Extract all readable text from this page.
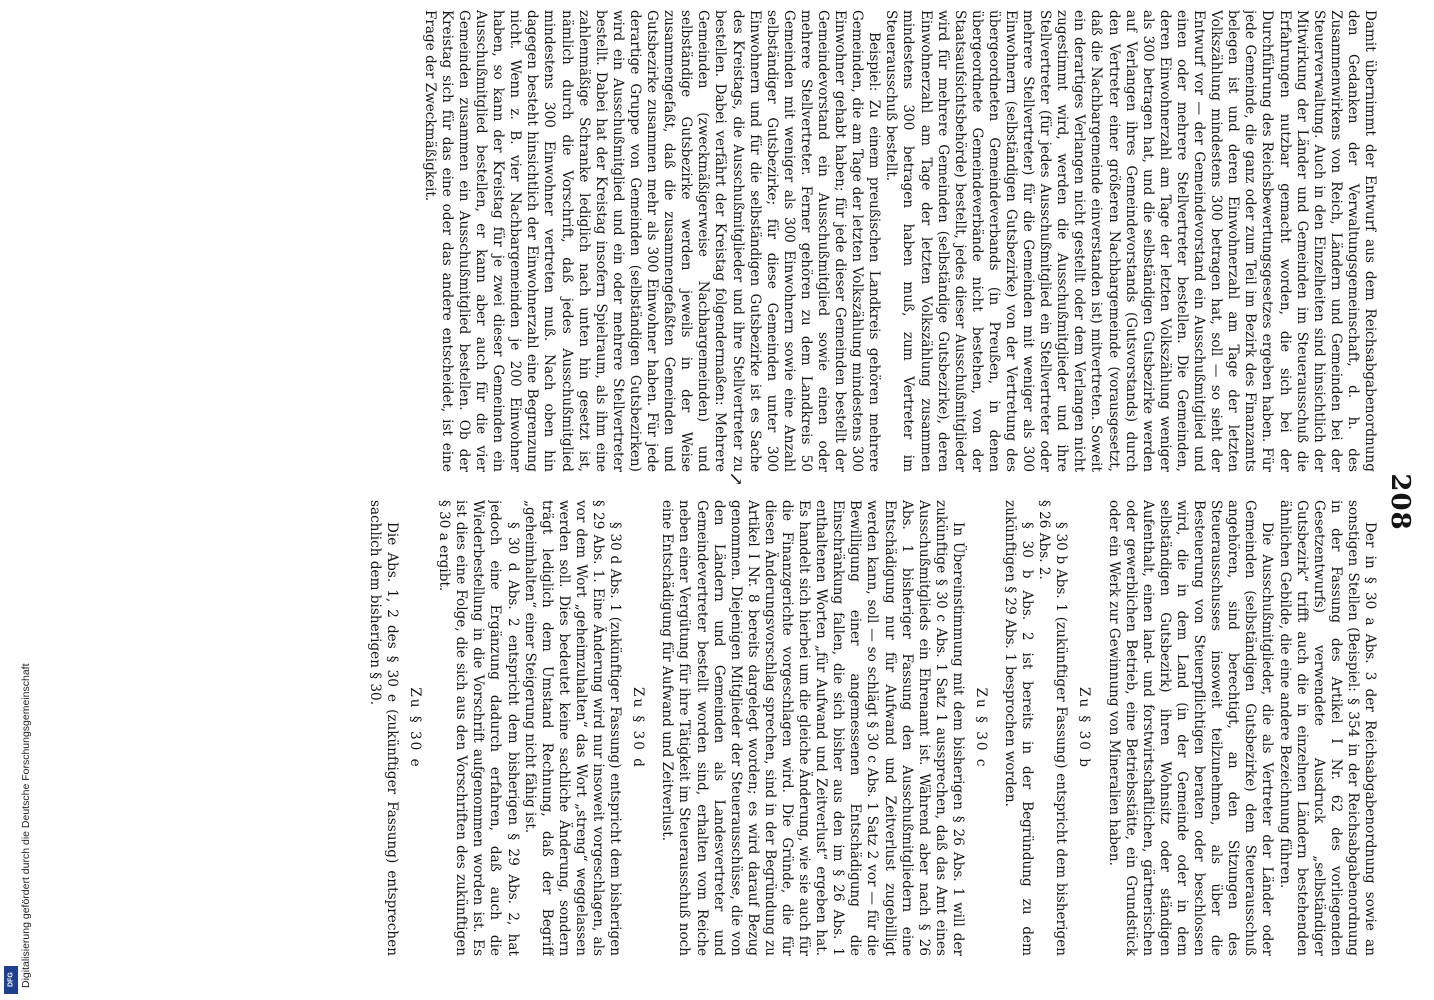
208

Damit übernimmt der Entwurf aus dem Reichsabgabenordnung den Gedanken der Verwaltungsgemeinschaft, d. h. des Zusammenwirkens von Reich, Ländern und Gemeinden bei der Steuerverwaltung. Auch in den Einzelheiten sind hinsichtlich der Mitwirkung der Länder und Gemeinden im Steuerausschuß die Erfahrungen nutzbar gemacht worden, die sich bei der Durchführung des Reichsbewertungsgesetzes ergeben haben. Für jede Gemeinde, die ganz oder zum Teil im Bezirk des Finanzamts belegen ist und deren Einwohnerzahl am Tage der letzten Volkszählung mindestens 300 betragen hat, soll — so sieht der Entwurf vor — der Gemeindevorstand ein Ausschußmitglied und einen oder mehrere Stellvertreter bestellen. Die Gemeinden, deren Einwohnerzahl am Tage der letzten Volkszählung weniger als 300 betragen hat, und die selbständigen Gutsbezirke werden auf Verlangen ihres Gemeindevorstands (Gutsvorstands) durch den Vertreter einer größeren Nachbargemeinde (vorausgesetzt, daß die Nachbargemeinde einverstanden ist) mitvertreten. Soweit ein derartiges Verlangen nicht gestellt oder dem Verlangen nicht zugestimmt wird, werden die Ausschußmitglieder und ihre Stellvertreter (für jedes Ausschußmitglied ein Stellvertreter oder mehrere Stellvertreter) für die Gemeinden mit weniger als 300 Einwohnern (selbständigen Gutsbezirke) von der Vertretung des übergeordneten Gemeindeverbands (in Preußen, in denen übergeordnete Gemeindeverbände nicht bestehen, von der Staatsaufsichtsbehörde) bestellt, jedes dieser Ausschußmitglieder wird für mehrere Gemeinden (selbständige Gutsbezirke), deren Einwohnerzahl am Tage der letzten Volkszählung zusammen mindestens 300 betragen haben muß, zum Vertreter im Steuerausschuß bestellt.

Beispiel: Zu einem preußischen Landkreis gehören mehrere Gemeinden, die am Tage der letzten Volkszählung mindestens 300 Einwohner gehabt haben; für jede dieser Gemeinden bestellt der Gemeindevorstand ein Ausschußmitglied sowie einen oder mehrere Stellvertreter. Ferner gehören zu dem Landkreis 50 Gemeinden mit weniger als 300 Einwohnern sowie eine Anzahl selbständiger Gutsbezirke; für diese Gemeinden unter 300 Einwohnern und für die selbständigen Gutsbezirke ist es Sache des Kreistags, die Ausschußmitglieder und ihre Stellvertreter zu bestellen. Dabei verfährt der Kreistag folgendermaßen: Mehrere Gemeinden (zweckmäßigerweise Nachbargemeinden) und selbständige Gutsbezirke werden jeweils in der Weise zusammengefaßt, daß die zusammengefaßten Gemeinden und Gutsbezirke zusammen mehr als 300 Einwohner haben. Für jede derartige Gruppe von Gemeinden (selbständigen Gutsbezirken) wird ein Ausschußmitglied und ein oder mehrere Stellvertreter bestellt. Dabei hat der Kreistag insofern Spielraum, als ihm eine zahlenmäßige Schranke lediglich nach unten hin gesetzt ist, nämlich durch die Vorschrift, daß jedes Ausschußmitglied mindestens 300 Einwohner vertreten muß. Nach oben hin dagegen besteht hinsichtlich der Einwohnerzahl eine Begrenzung nicht. Wenn z. B. vier Nachbargemeinden je 200 Einwohner haben, so kann der Kreistag für je zwei dieser Gemeinden ein Ausschußmitglied bestellen, er kann aber auch für die vier Gemeinden zusammen ein Ausschußmitglied bestellen. Ob der Kreistag sich für das eine oder das andere entscheidet, ist eine Frage der Zweckmäßigkeit.

↗

Der in § 30 a Abs. 3 der Reichsabgabenordnung sowie an sonstigen Stellen (Beispiel: § 354 in der Reichsabgabenordnung in der Fassung des Artikel I Nr. 62 des vorliegenden Gesetzentwurfs) verwendete Ausdruck „selbständiger Gutsbezirk“ trifft auch die in einzelnen Ländern bestehenden ähnlichen Gebilde, die eine andere Bezeichnung führen.

Die Ausschußmitglieder, die als Vertreter der Länder oder Gemeinden (selbständigen Gutsbezirke) dem Steuerausschuß angehören, sind berechtigt, an den Sitzungen des Steuerausschusses insoweit teilzunehmen, als über die Besteuerung von Steuerpflichtigen beraten oder beschlossen wird, die in dem Land (in der Gemeinde oder in dem selbständigen Gutsbezirk) ihren Wohnsitz oder ständigen Aufenthalt, einen land- und forstwirtschaftlichen, gärtnerischen oder gewerblichen Betrieb, eine Betriebsstätte, ein Grundstück oder ein Werk zur Gewinnung von Mineralien haben.

Zu § 30 b

§ 30 b Abs. 1 (zukünftiger Fassung) entspricht dem bisherigen § 26 Abs. 2.

§ 30 b Abs. 2 ist bereits in der Begründung zu dem zukünftigen § 29 Abs. 1 besprochen worden.

Zu § 30 c

In Übereinstimmung mit dem bisherigen § 26 Abs. 1 will der zukünftige § 30 c Abs. 1 Satz 1 aussprechen, daß das Amt eines Ausschußmitglieds ein Ehrenamt ist. Während aber nach § 26 Abs. 1 bisheriger Fassung den Ausschußmitgliedern eine Entschädigung nur für Aufwand und Zeitverlust zugebilligt werden kann, soll — so schlägt § 30 c Abs. 1 Satz 2 vor — für die Bewilligung einer angemessenen Entschädigung die Einschränkung fallen, die sich bisher aus den im § 26 Abs. 1 enthaltenen Worten „für Aufwand und Zeitverlust“ ergeben hat. Es handelt sich hierbei um die gleiche Änderung, wie sie auch für die Finanzgerichte vorgeschlagen wird. Die Gründe, die für diesen Änderungsvorschlag sprechen, sind in der Begründung zu Artikel I Nr. 8 bereits dargelegt worden; es wird darauf Bezug genommen. Diejenigen Mitglieder der Steuerausschüsse, die von den Ländern und Gemeinden als Landesvertreter und Gemeindevertreter bestellt worden sind, erhalten vom Reiche neben einer Vergütung für ihre Tätigkeit im Steuerausschuß noch eine Entschädigung für Aufwand und Zeitverlust.

Zu § 30 d

§ 30 d Abs. 1 (zukünftiger Fassung) entspricht dem bisherigen § 29 Abs. 1. Eine Änderung wird nur insoweit vorgeschlagen, als vor dem Wort „geheimzuhalten“ das Wort „streng“ weggelassen werden soll. Dies bedeutet keine sachliche Änderung, sondern trägt lediglich dem Umstand Rechnung, daß der Begriff „geheimhalten“ einer Steigerung nicht fähig ist.

§ 30 d Abs. 2 entspricht dem bisherigen § 29 Abs. 2, hat jedoch eine Ergänzung dadurch erfahren, daß auch die Wiederbestellung in die Vorschrift aufgenommen worden ist. Es ist dies eine Folge, die sich aus den Vorschriften des zukünftigen § 30 a ergibt.

Zu § 30 e

Die Abs. 1, 2 des § 30 e (zukünftiger Fassung) entsprechen sachlich dem bisherigen § 30.

Digitalisierung gefördert durch die Deutsche Forschungsgemeinschaft
DFG
